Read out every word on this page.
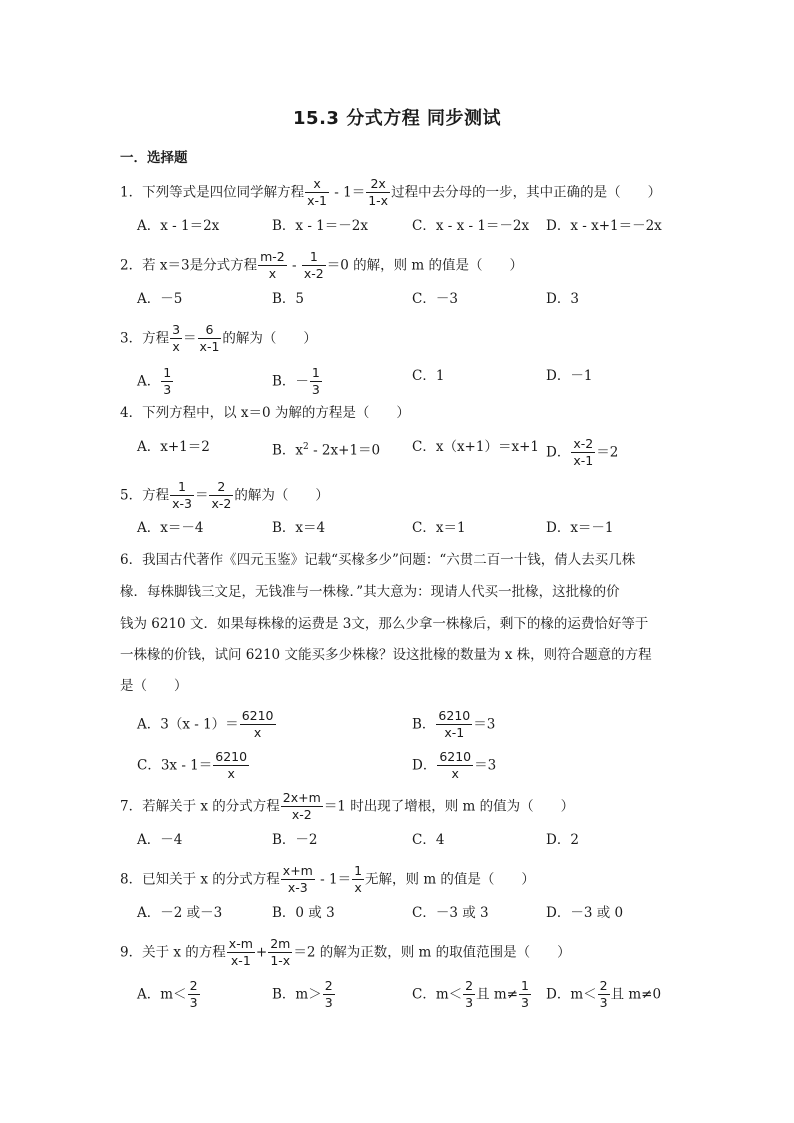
15.3 分式方程 同步测试
一．选择题
1．下列等式是四位同学解方程 $\frac{x}{x-1} - 1= \frac{2x}{1-x}$ 过程中去分母的一步，其中正确的是（　　）
A．x - 1＝2x	B．x - 1＝－2x	C．x - x - 1＝－2x D．x - x+1＝－2x
2．若 x＝3是分式方程 $\frac{m-2}{x} - \frac{1}{x-2} =0$ 的解，则 m 的值是（　　）
A．－5	B．5	C．－3	D．3
3．方程 $\frac{3}{x} = \frac{6}{x-1}$ 的解为（　　）
A． $\frac{1}{3}$	B．－ $\frac{1}{3}$	C．1	D．－1
4．下列方程中，以 x＝0 为解的方程是（　　）
A．x+1＝2	B．$x^2 - 2x+1=0$ C．x（x+1）＝x+1 D． $\frac{x-2}{x-1} =2$
5．方程 $\frac{1}{x-3} = \frac{2}{x-2}$ 的解为（　　）
A．x＝－4	B．x＝4	C．x＝1	D．x＝－1
6．我国古代著作《四元玉鉴》记载“买椽多少”问题：“六贯二百一十钱，倩人去买几株
椽．每株脚钱三文足，无钱准与一株椽．”其大意为：现请人代买一批椽，这批椽的价
钱为 6210 文．如果每株椽的运费是 3文，那么少拿一株椽后，剩下的椽的运费恰好等于
一株椽的价钱，试问 6210 文能买多少株椽？设这批椽的数量为 x 株，则符合题意的方程
是（　　）
A．$3(x - 1)= \frac{6210}{x}$	B． $\frac{6210}{x-1} =3$
C．$3x - 1= \frac{6210}{x}$	D． $\frac{6210}{x} =3$
7．若解关于 x 的分式方程 $\frac{2x+m}{x-2} =1$ 时出现了增根，则 m 的值为（　　）
A．－4	B．－2	C．4	D．2
8．已知关于 x 的分式方程 $\frac{x+m}{x-3} - 1= \frac{1}{x}$ 无解，则 m 的值是（　　）
A．－2 或－3	B．0 或 3	C．－3 或 3	D．－3 或 0
9．关于 x 的方程 $\frac{x-m}{x-1} + \frac{2m}{1-x} =2$ 的解为正数，则 m 的取值范围是（　　）
A．$m< \frac{2}{3}$	B．$m> \frac{2}{3}$	C．$m< \frac{2}{3}$ 且 $m\ne \frac{1}{3}$ D．$m< \frac{2}{3}$ 且 m≠0
